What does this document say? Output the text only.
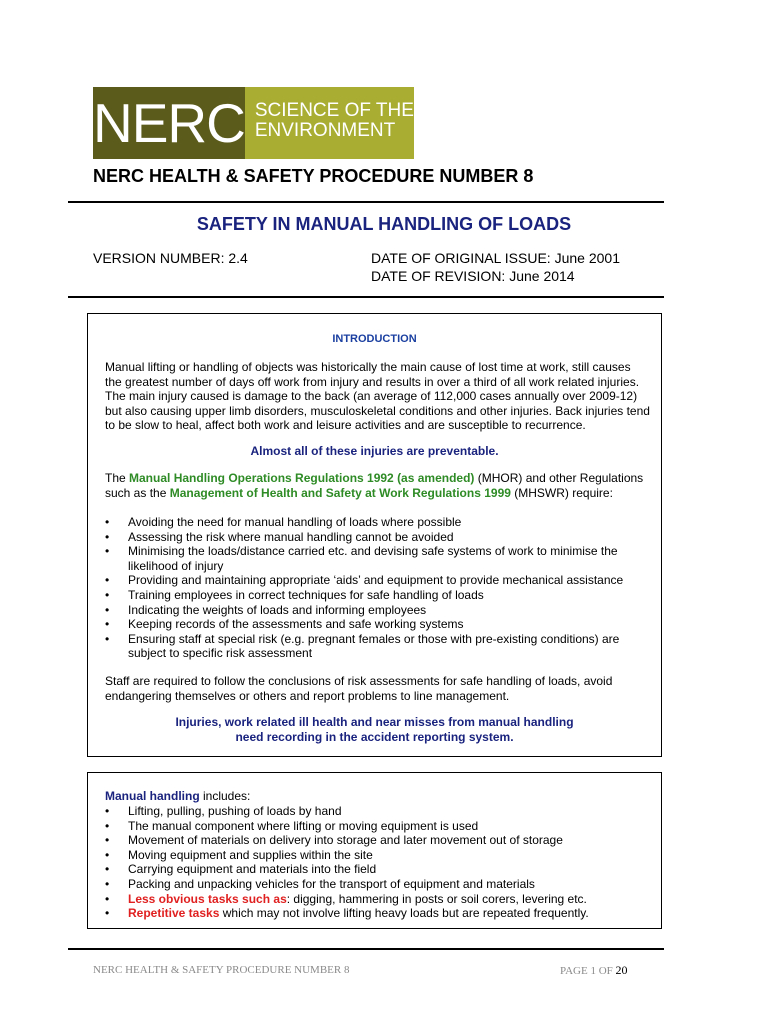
NERC SCIENCE OF THE
ENVIRONMENT
NERC HEALTH & SAFETY PROCEDURE NUMBER 8
SAFETY IN MANUAL HANDLING OF LOADS
VERSION NUMBER: 2.4	DATE OF ORIGINAL ISSUE: June 2001
DATE OF REVISION: June 2014
INTRODUCTION
Manual lifting or handling of objects was historically the main cause of lost time at work, still causes the greatest number of days off work from injury and results in over a third of all work related injuries. The main injury caused is damage to the back (an average of 112,000 cases annually over 2009-12) but also causing upper limb disorders, musculoskeletal conditions and other injuries. Back injuries tend to be slow to heal, affect both work and leisure activities and are susceptible to recurrence.
Almost all of these injuries are preventable.
The Manual Handling Operations Regulations 1992 (as amended) (MHOR) and other Regulations such as the Management of Health and Safety at Work Regulations 1999 (MHSWR) require:
• Avoiding the need for manual handling of loads where possible
• Assessing the risk where manual handling cannot be avoided
• Minimising the loads/distance carried etc. and devising safe systems of work to minimise the likelihood of injury
• Providing and maintaining appropriate ‘aids’ and equipment to provide mechanical assistance
• Training employees in correct techniques for safe handling of loads
• Indicating the weights of loads and informing employees
• Keeping records of the assessments and safe working systems
• Ensuring staff at special risk (e.g. pregnant females or those with pre-existing conditions) are subject to specific risk assessment
Staff are required to follow the conclusions of risk assessments for safe handling of loads, avoid endangering themselves or others and report problems to line management.
Injuries, work related ill health and near misses from manual handling
need recording in the accident reporting system.
Manual handling includes:
• Lifting, pulling, pushing of loads by hand
• The manual component where lifting or moving equipment is used
• Movement of materials on delivery into storage and later movement out of storage
• Moving equipment and supplies within the site
• Carrying equipment and materials into the field
• Packing and unpacking vehicles for the transport of equipment and materials
• Less obvious tasks such as: digging, hammering in posts or soil corers, levering etc.
• Repetitive tasks which may not involve lifting heavy loads but are repeated frequently.
NERC HEALTH & SAFETY PROCEDURE NUMBER 8	PAGE 1 OF 20
